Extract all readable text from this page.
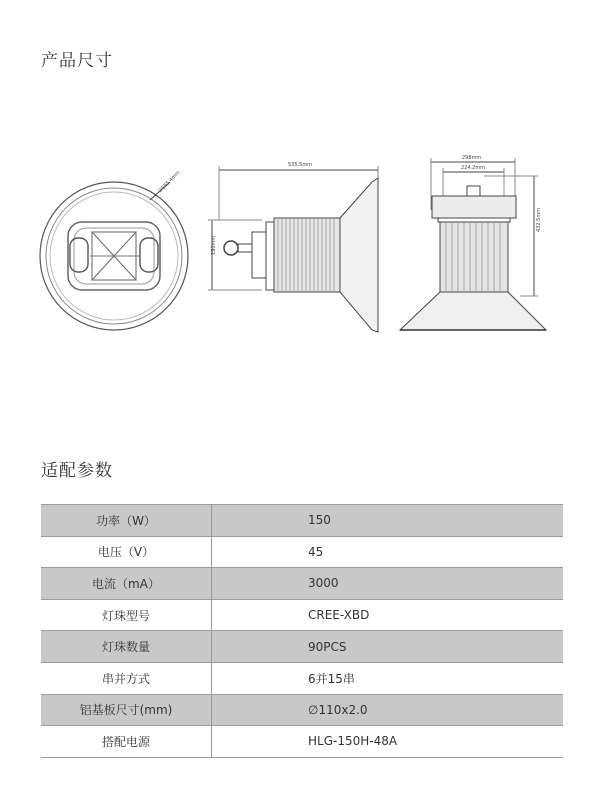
产品尺寸
∅555.4mm
535.5mm
190mm
298mm
224.2mm
432.5mm
适配参数
功率（W）	150
电压（V）	45
电流（mA）	3000
灯珠型号	CREE-XBD
灯珠数量	90PCS
串并方式	6并15串
铝基板尺寸(mm)	∅110x2.0
搭配电源	HLG-150H-48A
